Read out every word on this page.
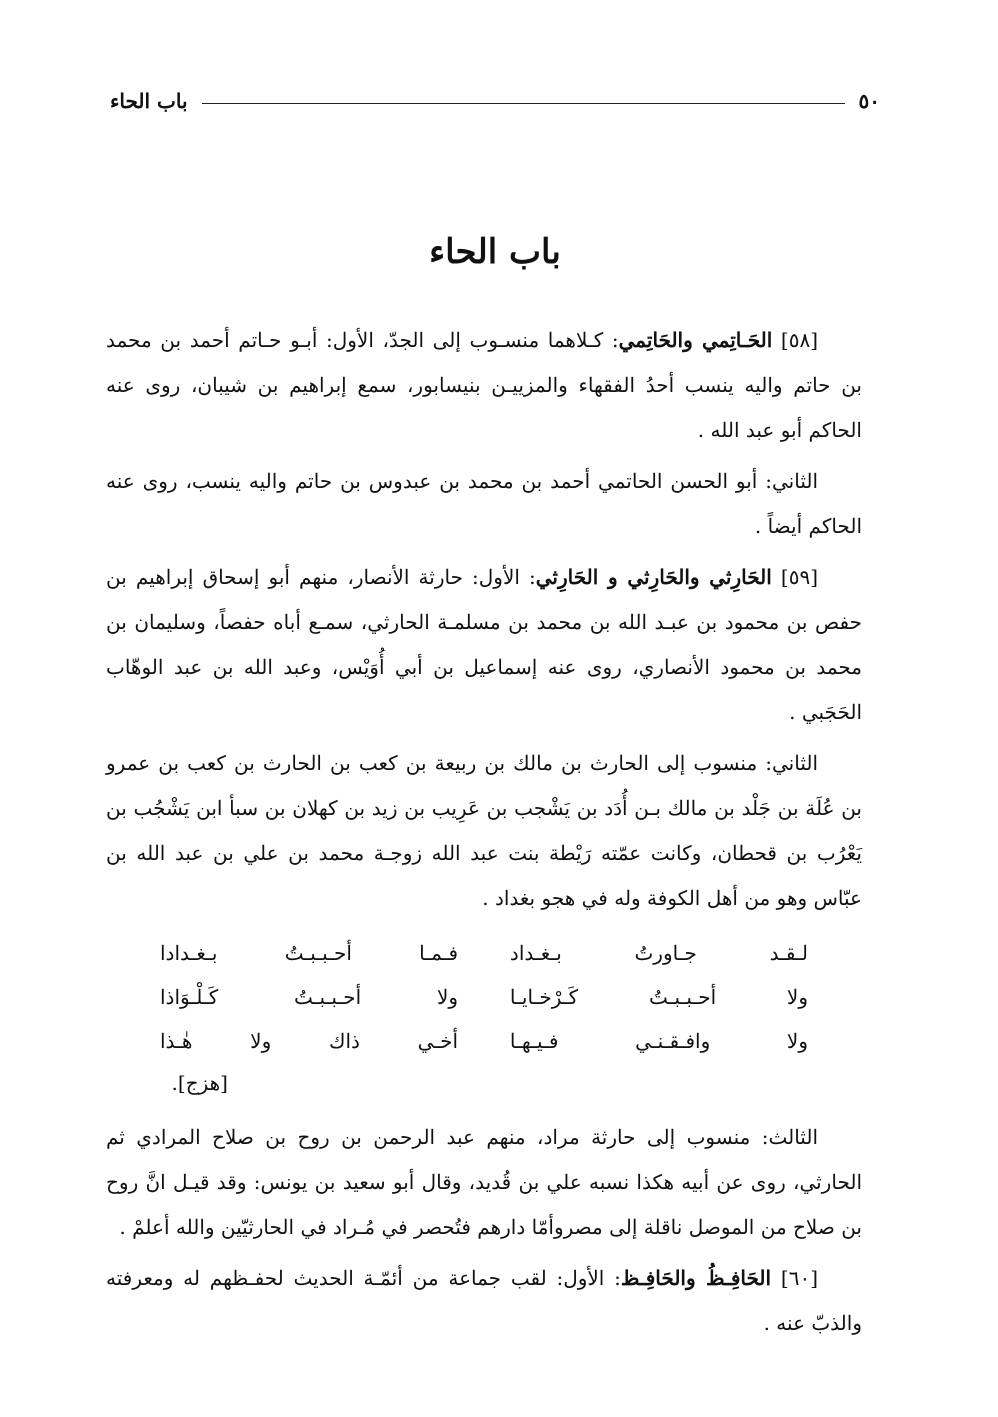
٥٠
باب الحاء
باب الحاء

[٥٨] الحَـاتِمي والحَاتِمي: كـلاهما منسـوب إلى الجدّ، الأول: أبـو حـاتم أحمد بن محمد بن حاتم واليه ينسب أحدُ الفقهاء والمزييـن بنيسابور، سمع إبراهيم بن شيبان، روى عنه الحاكم أبو عبد الله .

الثاني: أبو الحسن الحاتمي أحمد بن محمد بن عبدوس بن حاتم واليه ينسب، روى عنه الحاكم أيضاً .

[٥٩] الحَارِثي والحَارِثي و الحَارِثي: الأول: حارثة الأنصار، منهم أبو إسحاق إبراهيم بن حفص بن محمود بن عبـد الله بن محمد بن مسلمـة الحارثي، سمـع أباه حفصاً، وسليمان بن محمد بن محمود الأنصاري، روى عنه إسماعيل بن أبي أُوَيْس، وعبد الله بن عبد الوهّاب الحَجَبي .

الثاني: منسوب إلى الحارث بن مالك بن ربيعة بن كعب بن الحارث بن كعب بن عمرو بن عُلَة بن جَلْد بن مالك بـن أُدَد بن يَشْجب بن عَرِيب بن زيد بن كهلان بن سبأ ابن يَشْجُب بن يَعْرُب بن قحطان، وكانت عمّته رَيْطة بنت عبد الله زوجـة محمد بن علي بن عبد الله بن عبّاس وهو من أهل الكوفة وله في هجو بغداد .

لـقـد جـاورتُ بـغـداد
فـمـا أحـبـبـتُ بـغـدادا
ولا أحـبـبـتُ كَـرْخـايـا
ولا أحـبـبـتُ كَـلْـوَاذا
ولا وافـقـنـي فـيـهـا
أخـي ذاك ولا هٰـذا
[هزج].

الثالث: منسوب إلى حارثة مراد، منهم عبد الرحمن بن روح بن صلاح المرادي ثم الحارثي، روى عن أبيه هكذا نسبه علي بن قُديد، وقال أبو سعيد بن يونس: وقد قيـل انَّ روح بن صلاح من الموصل ناقلة إلى مصروأمّا دارهم فتُحصر في مُـراد في الحارثيّين والله أعلمْ .

[٦٠] الحَافِـظُ والحَافِـظ: الأول: لقب جماعة من أئمّـة الحديث لحفـظهم له ومعرفته والذبّ عنه .
